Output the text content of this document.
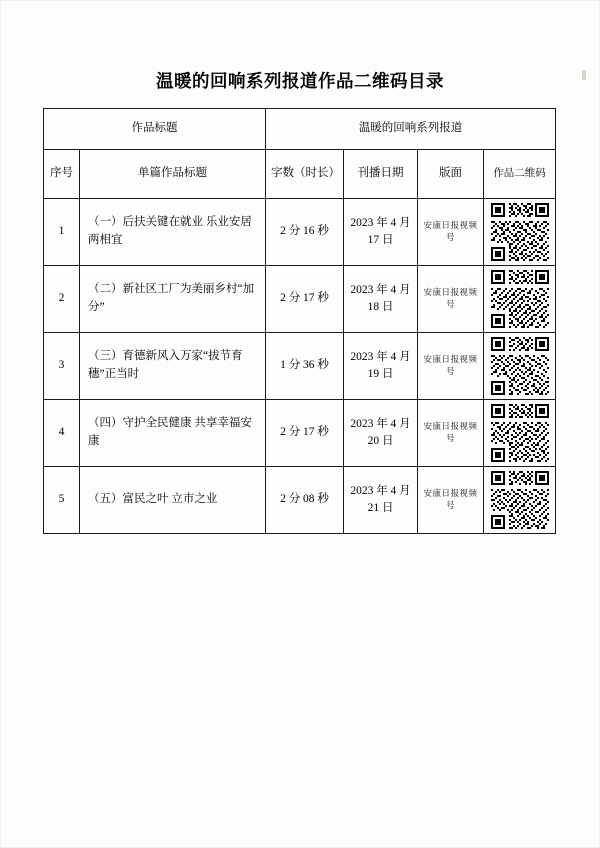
温暖的回响系列报道作品二维码目录
作品标题		温暖的回响系列报道			
序号	单篇作品标题	字数（时长）	刊播日期	版面	作品二维码
1	（一）后扶关键在就业 乐业安居两相宜	2 分 16 秒	2023 年 4 月 17 日	安康日报视频号	

2	（二）新社区工厂为美丽乡村“加分”	2 分 17 秒	2023 年 4 月 18 日	安康日报视频号	

3	（三）育德新风入万家“拔节育穗”正当时	1 分 36 秒	2023 年 4 月 19 日	安康日报视频号	

4	（四）守护全民健康 共享幸福安康	2 分 17 秒	2023 年 4 月 20 日	安康日报视频号	

5	（五）富民之叶 立市之业	2 分 08 秒	2023 年 4 月 21 日	安康日报视频号	
